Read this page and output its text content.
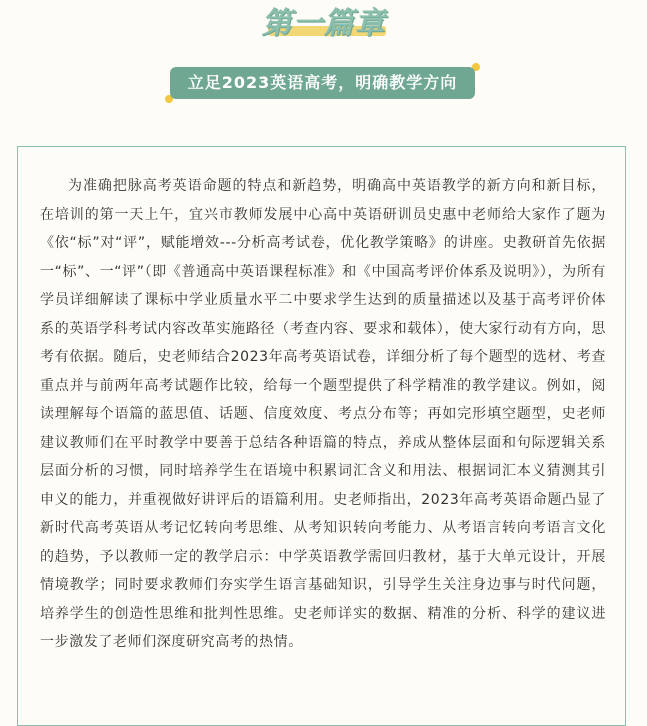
第一篇章
立足2023英语高考，明确教学方向

为准确把脉高考英语命题的特点和新趋势，明确高中英语教学的新方向和新目标，在培训的第一天上午，宜兴市教师发展中心高中英语研训员史惠中老师给大家作了题为《依“标”对“评”，赋能增效---分析高考试卷，优化教学策略》的讲座。史教研首先依据一“标”、一“评”（即《普通高中英语课程标准》和《中国高考评价体系及说明》），为所有学员详细解读了课标中学业质量水平二中要求学生达到的质量描述以及基于高考评价体系的英语学科考试内容改革实施路径（考查内容、要求和载体），使大家行动有方向，思考有依据。随后，史老师结合2023年高考英语试卷，详细分析了每个题型的选材、考查重点并与前两年高考试题作比较，给每一个题型提供了科学精准的教学建议。例如，阅读理解每个语篇的蓝思值、话题、信度效度、考点分布等；再如完形填空题型，史老师建议教师们在平时教学中要善于总结各种语篇的特点，养成从整体层面和句际逻辑关系层面分析的习惯，同时培养学生在语境中积累词汇含义和用法、根据词汇本义猜测其引申义的能力，并重视做好讲评后的语篇利用。史老师指出，2023年高考英语命题凸显了新时代高考英语从考记忆转向考思维、从考知识转向考能力、从考语言转向考语言文化的趋势，予以教师一定的教学启示：中学英语教学需回归教材，基于大单元设计，开展情境教学；同时要求教师们夯实学生语言基础知识，引导学生关注身边事与时代问题，培养学生的创造性思维和批判性思维。史老师详实的数据、精准的分析、科学的建议进一步激发了老师们深度研究高考的热情。
